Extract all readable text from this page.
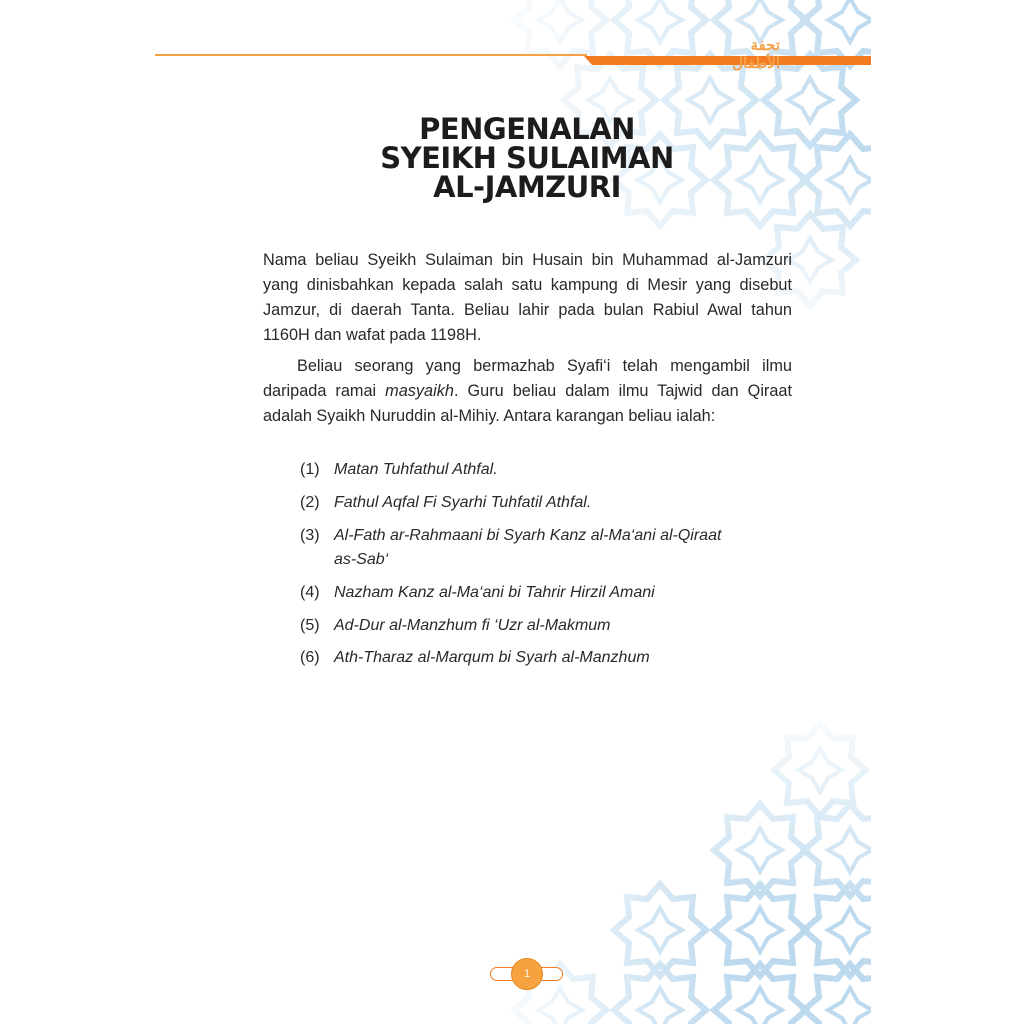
تحفة الأطفال
PENGENALAN
SYEIKH SULAIMAN
AL-JAMZURI
Nama beliau Syeikh Sulaiman bin Husain bin Muhammad al-Jamzuri yang dinisbahkan kepada salah satu kampung di Mesir yang disebut Jamzur, di daerah Tanta. Beliau lahir pada bulan Rabiul Awal tahun 1160H dan wafat pada 1198H.
Beliau seorang yang bermazhab Syafi‘i telah mengambil ilmu daripada ramai masyaikh. Guru beliau dalam ilmu Tajwid dan Qiraat adalah Syaikh Nuruddin al-Mihiy. Antara karangan beliau ialah:
(1) Matan Tuhfathul Athfal.
(2) Fathul Aqfal Fi Syarhi Tuhfatil Athfal.
(3) Al-Fath ar-Rahmaani bi Syarh Kanz al-Ma‘ani al-Qiraat as-Sab‘
(4) Nazham Kanz al-Ma‘ani bi Tahrir Hirzil Amani
(5) Ad-Dur al-Manzhum fi ‘Uzr al-Makmum
(6) Ath-Tharaz al-Marqum bi Syarh al-Manzhum
1
